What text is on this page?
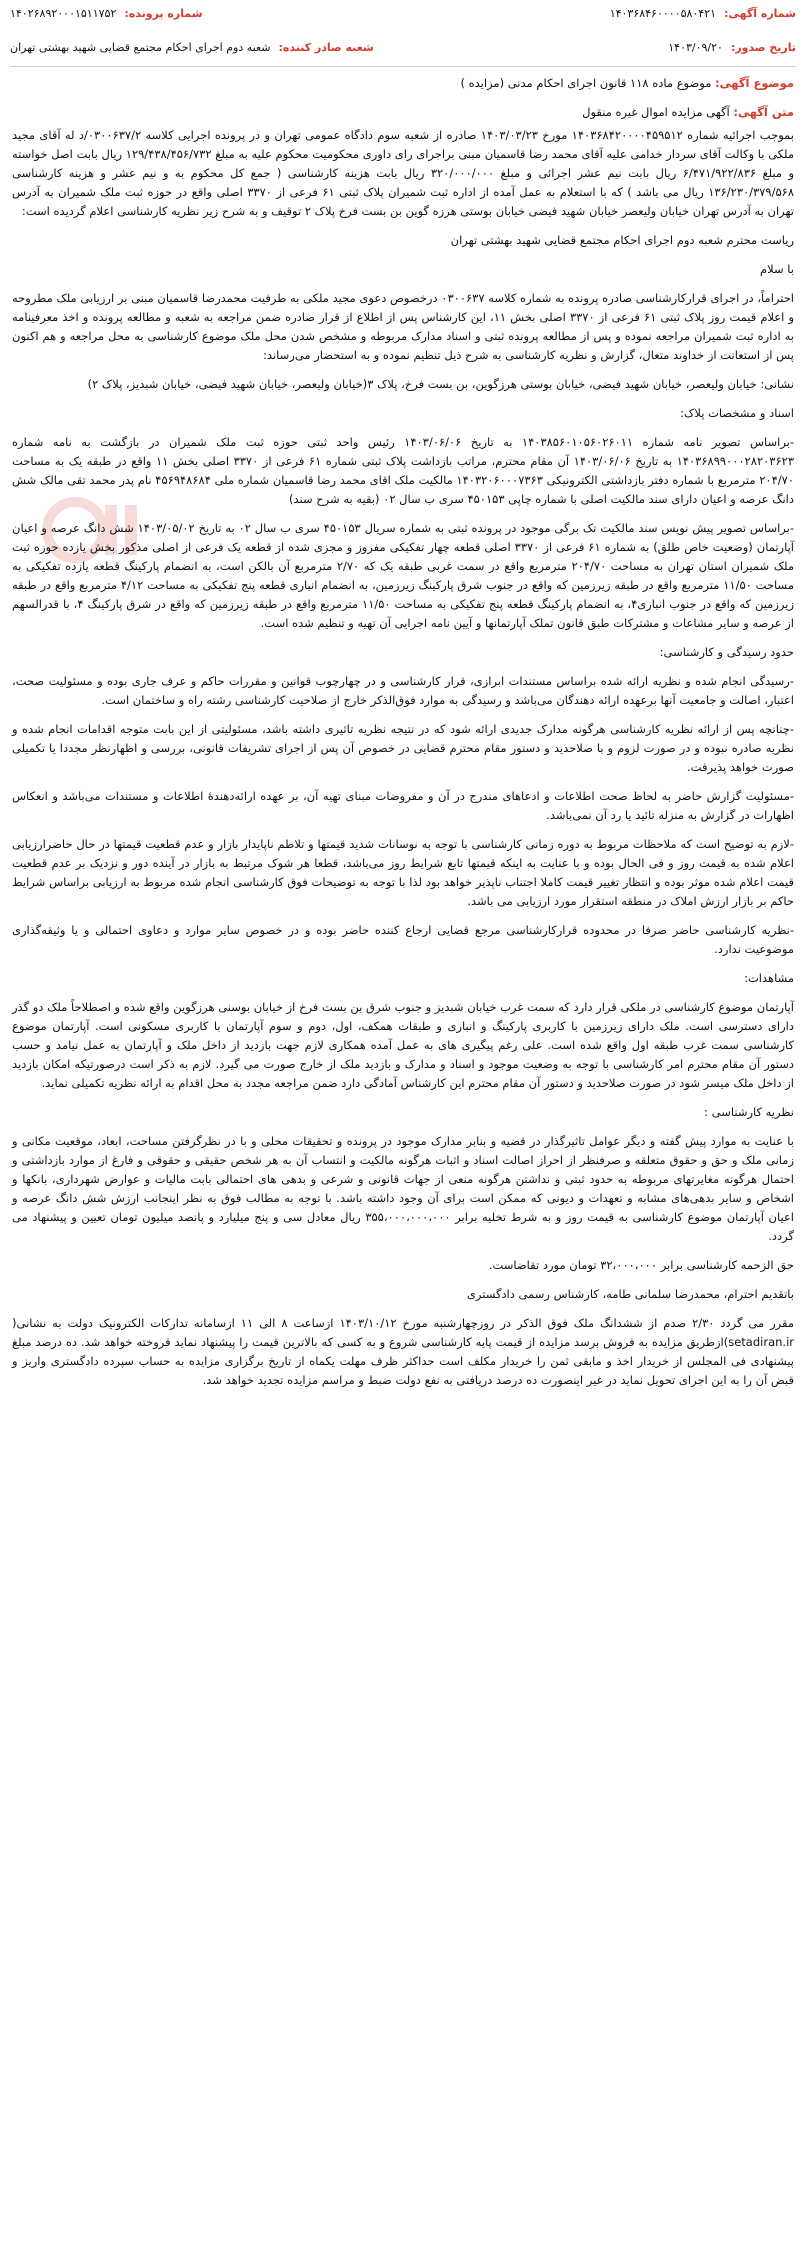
شماره آگهی:۱۴۰۳۶۸۴۶۰۰۰۰۵۸۰۴۲۱
شماره پرونده:۱۴۰۲۶۸۹۲۰۰۰۱۵۱۱۷۵۲
تاریخ صدور:۱۴۰۳/۰۹/۲۰
شعبه صادر کننده:شعبه دوم اجرای احکام مجتمع قضایی شهید بهشتی تهران

موضوع آگهی: موضوع ماده ۱۱۸ قانون اجرای احکام مدنی (مزایده )

متن آگهی: آگهی مزایده اموال غیره منقول

بموجب اجرائیه شماره ۱۴۰۳۶۸۴۲۰۰۰۰۴۵۹۵۱۲ مورخ ۱۴۰۳/۰۳/۲۳ صادره از شعبه سوم دادگاه عمومی تهران و در پرونده اجرایی کلاسه ۰۳۰۰۶۳۷/۲/د له آقای مجید ملکی با وکالت آقای سردار خدامی علیه آقای محمد رضا قاسمیان مبنی براجرای رای داوری محکومیت محکوم علیه به مبلغ ۱۲۹/۴۳۸/۴۵۶/۷۳۲ ریال بابت اصل خواسته و مبلغ ۶/۴۷۱/۹۲۲/۸۳۶ ریال بابت نیم عشر اجرائی و مبلغ ۳۲۰/۰۰۰/۰۰۰ ریال بابت هزینه کارشناسی ( جمع کل محکوم به و نیم عشر و هزینه کارشناسی ۱۳۶/۲۳۰/۳۷۹/۵۶۸ ریال می باشد ) که با استعلام به عمل آمده از اداره ثبت شمیران پلاک ثبتی ۶۱ فرعی از ۳۳۷۰ اصلی واقع در حوزه ثبت ملک شمیران به آدرس تهران به آدرس تهران خیابان ولیعصر خیابان شهید فیضی خیابان بوستی هرزه گوین بن بست فرخ پلاک ۲ توقیف و به شرح زیر نظریه کارشناسی اعلام گردیده است:

ریاست محترم شعبه دوم اجرای احکام مجتمع قضایی شهید بهشتی تهران

با سلام

احتراماً، در اجرای قرارکارشناسی صادره پرونده به شماره کلاسه ۰۳۰۰۶۳۷ درخصوص دعوی مجید ملکی به طرفیت محمدرضا قاسمیان مبنی بر ارزیابی ملک مطروحه و اعلام قیمت روز پلاک ثبتی ۶۱ فرعی از ۳۳۷۰ اصلی بخش ۱۱، این کارشناس پس از اطلاع از قرار صادره ضمن مراجعه به شعبه و مطالعه پرونده و اخذ معرفینامه به اداره ثبت شمیران مراجعه نموده و پس از مطالعه پرونده ثبتی و اسناد مدارک مربوطه و مشخص شدن محل ملک موضوع کارشناسی به محل مراجعه و هم اکنون پس از استعانت از خداوند متعال، گزارش و نظریه کارشناسی به شرح ذیل تنظیم نموده و به استحضار می‌رساند:

نشانی: خیابان ولیعصر، خیابان شهید فیضی، خیابان بوستی هرزگوین، بن بست فرخ، پلاک ۳(خیابان ولیعصر، خیابان شهید فیضی، خیابان شبدیز، پلاک ۲)

اسناد و مشخصات پلاک:

-براساس تصویر نامه شماره ۱۴۰۳۸۵۶۰۱۰۵۶۰۲۶۰۱۱ به تاریخ ۱۴۰۳/۰۶/۰۶ رئیس واحد ثبتی حوزه ثبت ملک شمیران در بازگشت به نامه شماره ۱۴۰۳۶۸۹۹۰۰۰۲۸۲۰۳۶۲۳ به تاریخ ۱۴۰۳/۰۶/۰۶ آن مقام محترم، مراتب بازداشت پلاک ثبتی شماره ۶۱ فرعی از ۳۳۷۰ اصلی بخش ۱۱ واقع در طبقه یک به مساحت ۲۰۴/۷۰ مترمربع با شماره دفتر بازداشتی الکترونیکی ۱۴۰۳۲۰۶۰۰۰۷۳۶۳ مالکیت ملک اقای محمد رضا قاسمیان شماره ملی ۴۵۶۹۴۸۶۸۴ نام پدر محمد تقی مالک شش دانگ عرصه و اعیان دارای سند مالکیت اصلی با شماره چاپی ۴۵۰۱۵۳ سری ب سال ۰۲ (بقیه به شرح سند)

-براساس تصویر پیش نویس سند مالکیت تک برگی موجود در پرونده ثبتی به شماره سریال ۴۵۰۱۵۳ سری ب سال ۰۲ به تاریخ ۱۴۰۳/۰۵/۰۲ شش دانگ عرصه و اعیان آپارتمان (وضعیت خاص طلق) به شماره ۶۱ فرعی از ۳۳۷۰ اصلی قطعه چهار تفکیکی مفروز و مجزی شده از قطعه یک فرعی از اصلی مذکور بخش یازده حوزه ثبت ملک شمیران استان تهران به مساحت ۲۰۴/۷۰ مترمربع واقع در سمت غربی طبقه یک که ۲/۷۰ مترمربع آن بالکن است، به انضمام پارکینگ قطعه یازده تفکیکی به مساحت ۱۱/۵۰ مترمربع واقع در طبقه زیرزمین که واقع در جنوب شرق پارکینگ زیرزمین، به انضمام انباری قطعه پنج تفکیکی به مساحت ۴/۱۲ مترمربع واقع در طبقه زیرزمین که واقع در جنوب انباری۴، به انضمام پارکینگ قطعه پنج تفکیکی به مساحت ۱۱/۵۰ مترمربع واقع در طبقه زیرزمین که واقع در شرق پارکینگ ۴، با قدرالسهم از عرصه و سایر مشاعات و مشترکات طبق قانون تملک آپارتمانها و آیین نامه اجرایی آن تهیه و تنظیم شده است.

حدود رسیدگی و کارشناسی:

-رسیدگی انجام شده و نظریه ارائه شده براساس مستندات ابرازی، قرار کارشناسی و در چهارچوب قوانین و مقررات حاکم و عرف جاری بوده و مسئولیت صحت، اعتبار، اصالت و جامعیت آنها برعهده ارائه دهندگان می‌باشد و رسیدگی به موارد فوق‌الذکر خارج از صلاحیت کارشناسی رشته راه و ساختمان است.

-چنانچه پس از ارائه نظریه کارشناسی هرگونه مدارک جدیدی ارائه شود که در نتیجه نظریه تاثیری داشته باشد، مسئولیتی از این بابت متوجه اقدامات انجام شده و نظریه صادره نبوده و در صورت لزوم و با صلاحدید و دستور مقام محترم قضایی در خصوص آن پس از اجرای تشریفات قانونی، بررسی و اظهارنظر مجددا یا تکمیلی صورت خواهد پذیرفت.

-مسئولیت گزارش حاضر به لحاظ صحت اطلاعات و ادعاهای مندرج در آن و مفروضات مبنای تهیه آن، بر عهده ارائه‌دهندهٔ اطلاعات و مستندات می‌باشد و انعکاس اظهارات در گزارش به منزله تائید یا رد آن نمی‌باشد.

-لازم به توضیح است که ملاحظات مربوط به دوره زمانی کارشناسی با توجه به نوسانات شدید قیمتها و تلاطم ناپایدار بازار و عدم قطعیت قیمتها در حال حاضرارزیابی اعلام شده به قیمت روز و فی الحال بوده و با عنایت به اینکه قیمتها تابع شرایط روز می‌باشد، قطعا هر شوک مرتبط به بازار در آینده دور و نزدیک بر عدم قطعیت قیمت اعلام شده موثر بوده و انتظار تغییر قیمت کاملا اجتناب ناپذیر خواهد بود لذا با توجه به توضیحات فوق کارشناسی انجام شده مربوط به ارزیابی براساس شرایط حاکم بر بازار ارزش املاک در منطقه استقرار مورد ارزیابی می باشد.

-نظریه کارشناسی حاضر صرفا در محدوده قرارکارشناسی مرجع قضایی ارجاع کننده حاضر بوده و در خصوص سایر موارد و دعاوی احتمالی و یا وثیقه‌گذاری موضوعیت ندارد.

مشاهدات:

آپارتمان موضوع کارشناسی در ملکی قرار دارد که سمت غرب خیابان شبدیز و جنوب شرق بن بست فرخ از خیابان بوسنی هرزگوین واقع شده و اصطلاحاً ملک دو گذر دارای دسترسی است. ملک دارای زیرزمین با کاربری پارکینگ و انباری و طبقات همکف، اول، دوم و سوم آپارتمان با کاربری مسکونی است. آپارتمان موضوع کارشناسی سمت غرب طبقه اول واقع شده است. علی رغم پیگیری های به عمل آمده همکاری لازم جهت بازدید از داخل ملک و آپارتمان به عمل نیامد و حسب دستور آن مقام محترم امر کارشناسی با توجه به وضعیت موجود و اسناد و مدارک و بازدید ملک از خارج صورت می گیرد. لازم به ذکر است درصورتیکه امکان بازدید از داخل ملک میسر شود در صورت صلاحدید و دستور آن مقام محترم این کارشناس آمادگی دارد ضمن مراجعه مجدد به محل اقدام به ارائه نظریه تکمیلی نماید.

نظریه کارشناسی :

با عنایت به موارد پیش گفته و دیگر عوامل تاثیرگذار در قضیه و بنابر مدارک موجود در پرونده و تحقیقات محلی و با در نظرگرفتن مساحت، ابعاد، موقعیت مکانی و زمانی ملک و حق و حقوق متعلقه و صرفنظر از احراز اصالت اسناد و اثبات هرگونه مالکیت و انتساب آن به هر شخص حقیقی و حقوقی و فارغ از موارد بازداشتی و احتمال هرگونه مغایرتهای مربوطه به حدود ثبتی و نداشتن هرگونه منعی از جهات قانونی و شرعی و بدهی های احتمالی بابت مالیات و عوارض شهرداری، بانکها و اشخاص و سایر بدهی‌های مشابه و تعهدات و دیونی که ممکن است برای آن وجود داشته باشد. با توجه به مطالب فوق به نظر اینجانب ارزش شش دانگ عرصه و اعیان آپارتمان موضوع کارشناسی به قیمت روز و به شرط تخلیه برابر ۳۵۵،۰۰۰،۰۰۰،۰۰۰ ریال معادل سی و پنج میلیارد و پانصد میلیون تومان تعیین و پیشنهاد می گردد.

حق الزحمه کارشناسی برابر ۳۲،۰۰۰،۰۰۰ تومان مورد تقاضاست.

باتقدیم احترام، محمدرضا سلمانی طامه، کارشناس رسمی دادگستری

مقرر می گردد ۲/۳۰ صدم از ششدانگ ملک فوق الذکر در روزچهارشنبه مورخ ۱۴۰۳/۱۰/۱۲ ازساعت ۸ الی ۱۱ ازسامانه تدارکات الکترونیک دولت به نشانی( setadiran.ir)ازطریق مزایده به فروش برسد مزایده از قیمت پایه کارشناسی شروع و به کسی که بالاترین قیمت را پیشنهاد نماید فروخته خواهد شد. ده درصد مبلغ پیشنهادی فی المجلس از خریدار اخذ و مابقی ثمن را خریدار مکلف است حداکثر ظرف مهلت یکماه از تاریخ برگزاری مزایده به حساب سپرده دادگستری واریز و قبض آن را به این اجرای تحویل نماید در غیر اینصورت ده درصد دریافتی به نفع دولت ضبط و مراسم مزایده تجدید خواهد شد.
